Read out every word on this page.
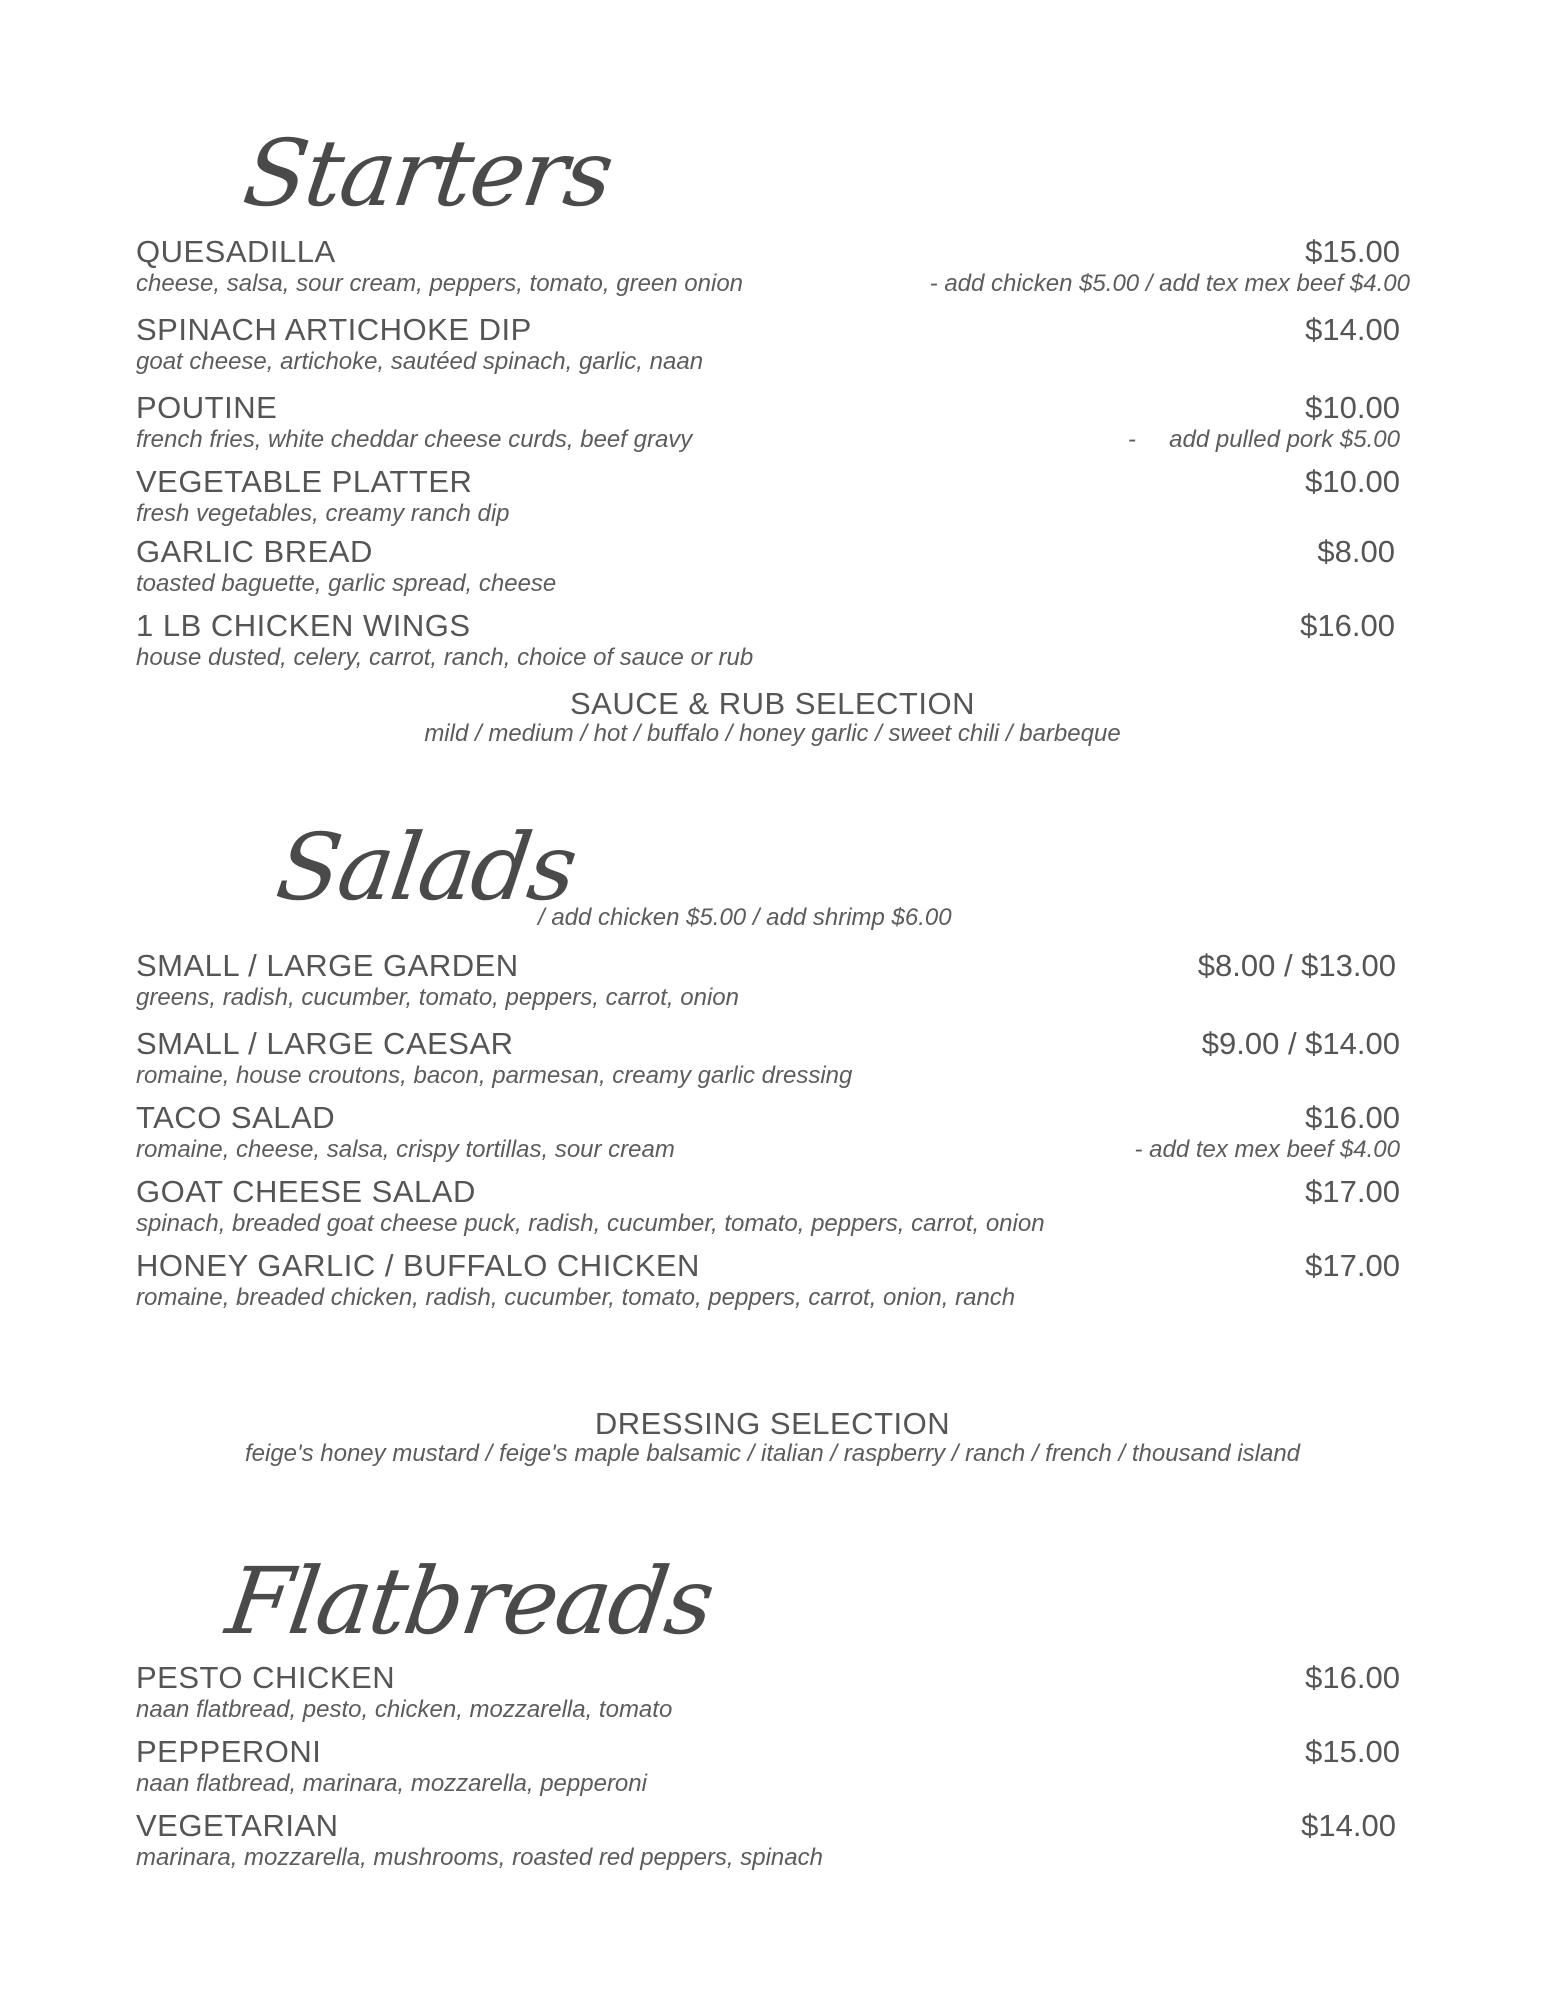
Starters
QUESADILLA	$15.00
cheese, salsa, sour cream, peppers, tomato, green onion	- add chicken $5.00 / add tex mex beef $4.00
SPINACH ARTICHOKE DIP	$14.00
goat cheese, artichoke, sautéed spinach, garlic, naan
POUTINE	$10.00
french fries, white cheddar cheese curds, beef gravy	-     add pulled pork $5.00
VEGETABLE PLATTER	$10.00
fresh vegetables, creamy ranch dip
GARLIC BREAD	$8.00
toasted baguette, garlic spread, cheese
1 LB CHICKEN WINGS	$16.00
house dusted, celery, carrot, ranch, choice of sauce or rub
SAUCE & RUB SELECTION
mild / medium / hot / buffalo / honey garlic / sweet chili / barbeque
Salads
/ add chicken $5.00 / add shrimp $6.00
SMALL / LARGE GARDEN	$8.00 / $13.00
greens, radish, cucumber, tomato, peppers, carrot, onion
SMALL / LARGE CAESAR	$9.00 / $14.00
romaine, house croutons, bacon, parmesan, creamy garlic dressing
TACO SALAD	$16.00
romaine, cheese, salsa, crispy tortillas, sour cream	- add tex mex beef $4.00
GOAT CHEESE SALAD	$17.00
spinach, breaded goat cheese puck, radish, cucumber, tomato, peppers, carrot, onion
HONEY GARLIC / BUFFALO CHICKEN	$17.00
romaine, breaded chicken, radish, cucumber, tomato, peppers, carrot, onion, ranch
DRESSING SELECTION
feige's honey mustard / feige's maple balsamic / italian / raspberry / ranch / french / thousand island
Flatbreads
PESTO CHICKEN	$16.00
naan flatbread, pesto, chicken, mozzarella, tomato
PEPPERONI	$15.00
naan flatbread, marinara, mozzarella, pepperoni
VEGETARIAN	$14.00
marinara, mozzarella, mushrooms, roasted red peppers, spinach
